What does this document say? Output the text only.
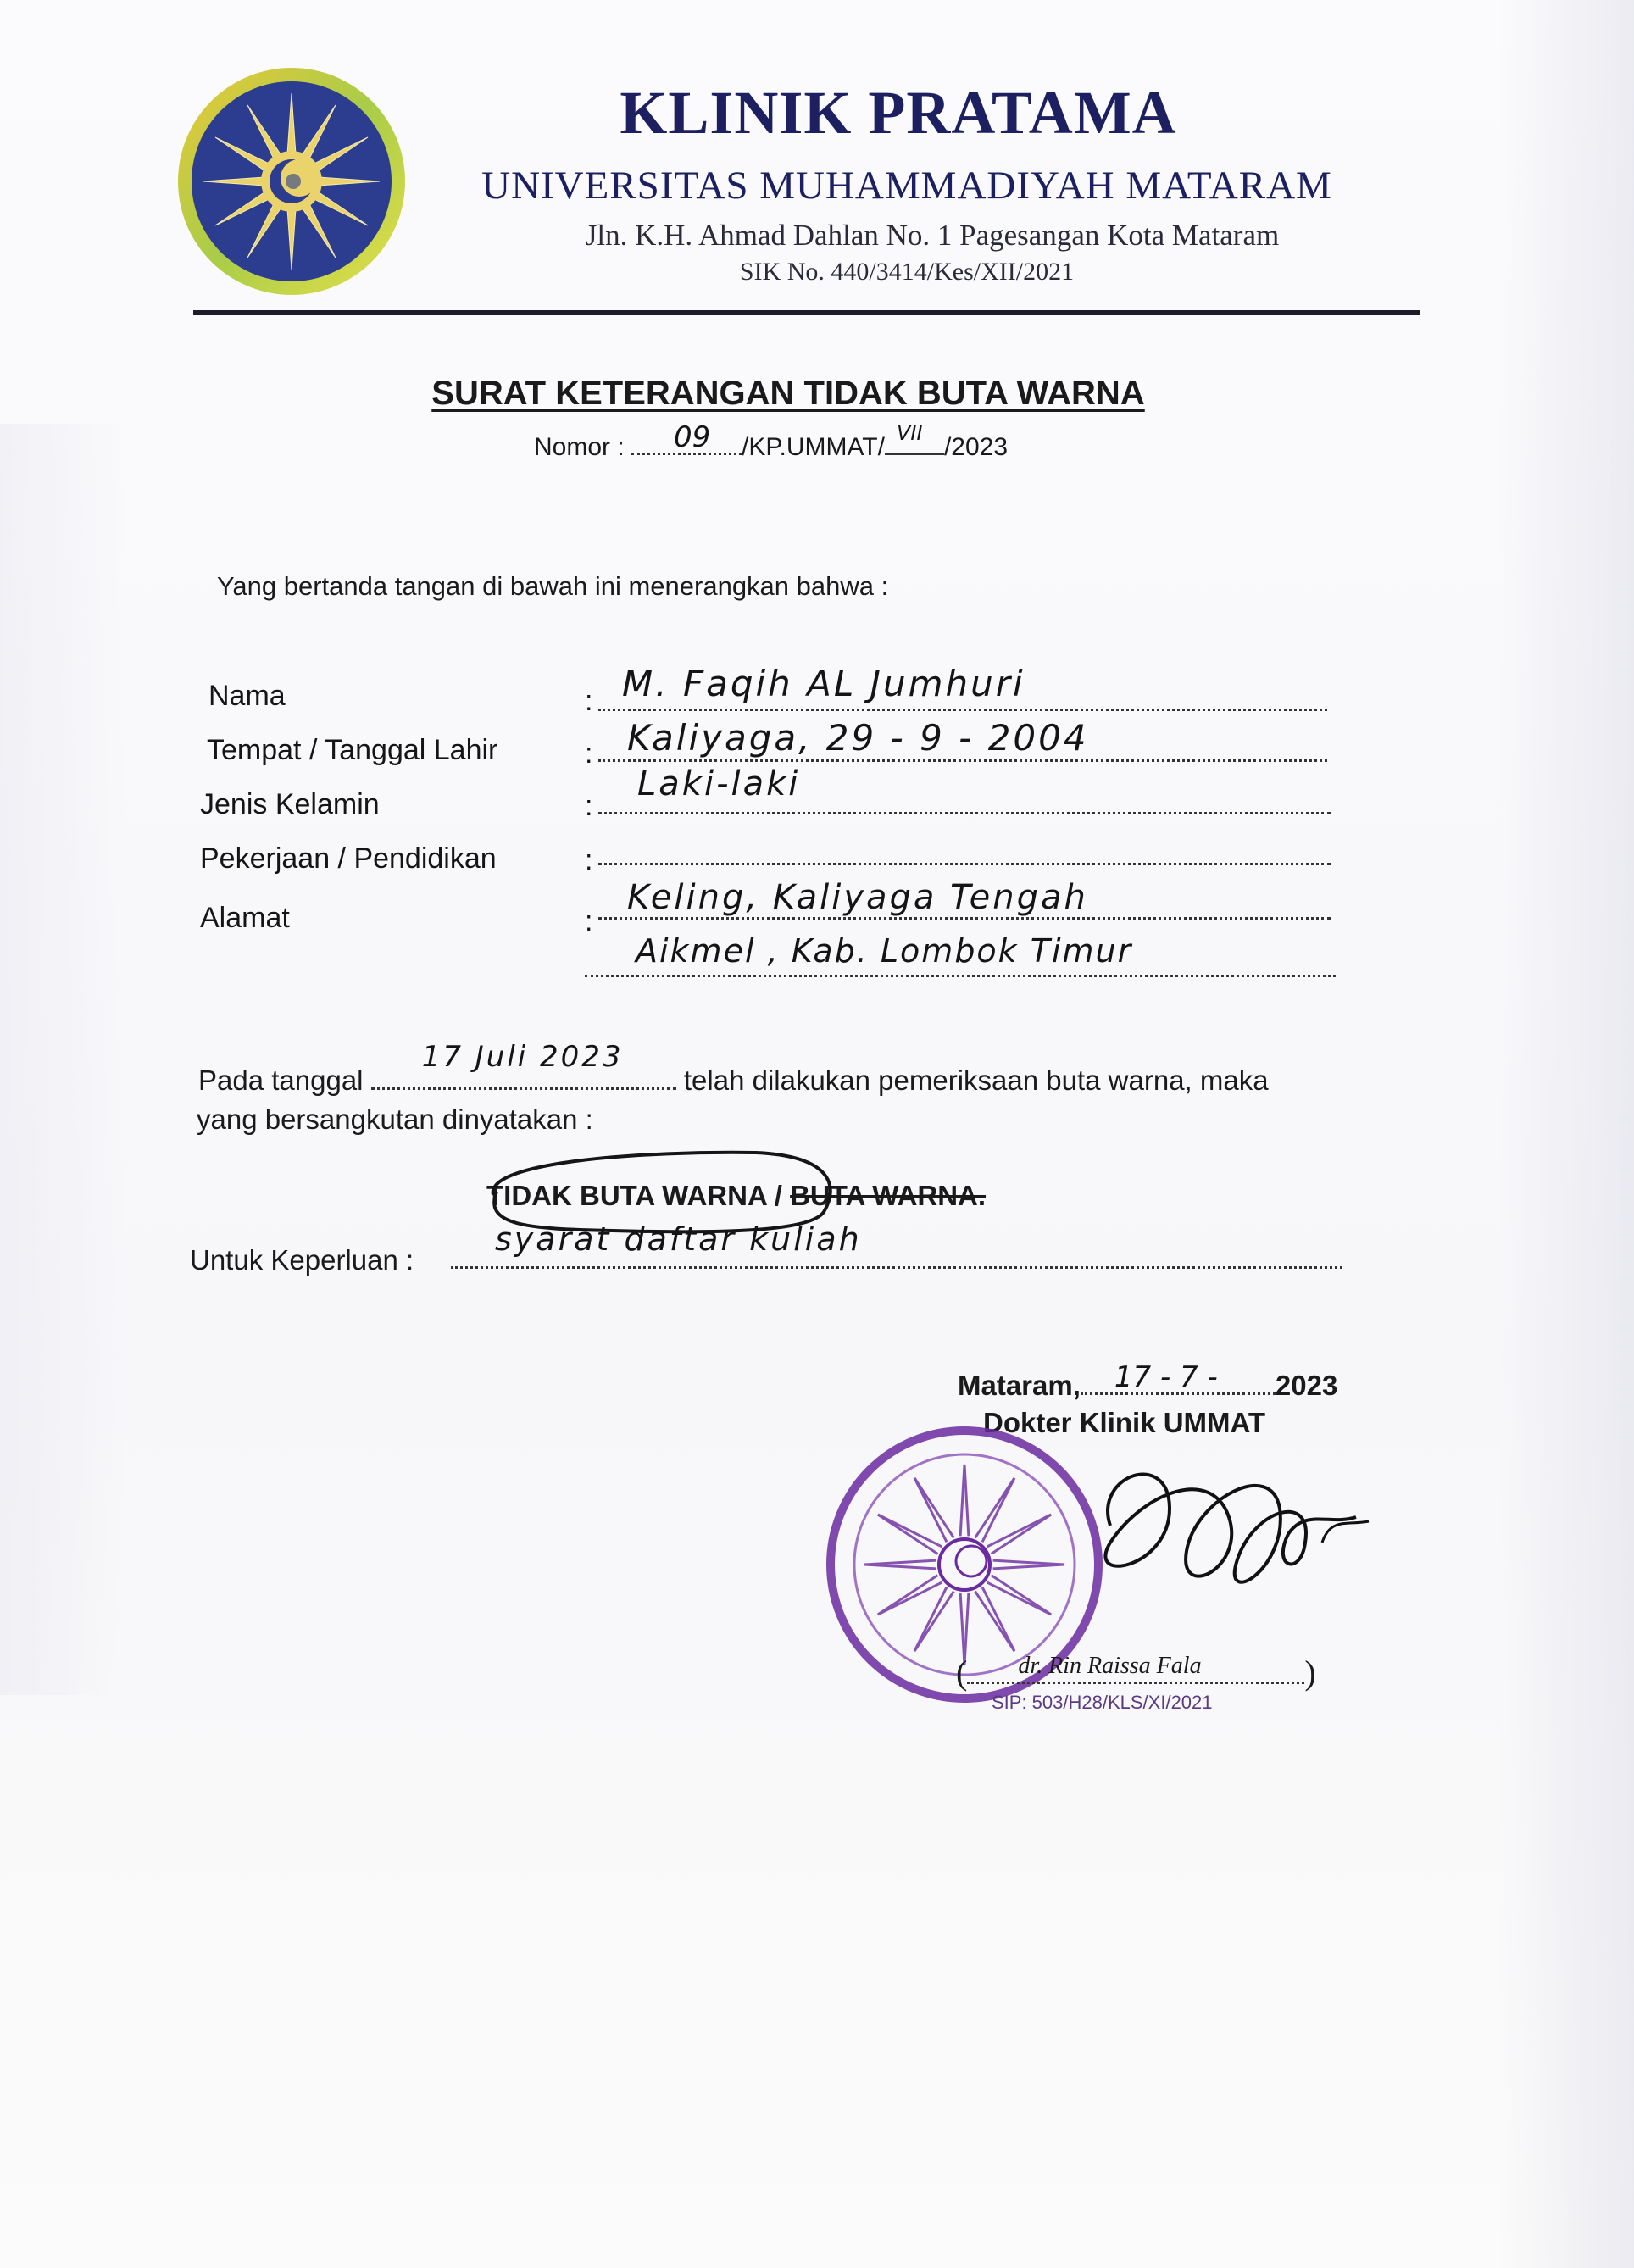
KLINIK PRATAMA
UNIVERSITAS MUHAMMADIYAH MATARAM
Jln. K.H. Ahmad Dahlan No. 1 Pagesangan Kota Mataram
SIK No. 440/3414/Kes/XII/2021
SURAT KETERANGAN TIDAK BUTA WARNA
Nomor : 09 /KP.UMMAT/ VII /2023
Yang bertanda tangan di bawah ini menerangkan bahwa :
Nama
Tempat / Tanggal Lahir
Jenis Kelamin
Pekerjaan / Pendidikan
Alamat
:
:
:
:
:
M. Faqih AL Jumhuri
Kaliyaga, 29 - 9 - 2004
Laki-laki
Keling, Kaliyaga Tengah
Aikmel , Kab. Lombok Timur
Pada tanggal
17 Juli 2023
telah dilakukan pemeriksaan buta warna, maka
yang bersangkutan dinyatakan :
TIDAK BUTA WARNA / BUTA WARNA.
Untuk Keperluan :
syarat daftar kuliah
Mataram, 17 - 7 - 2023
Dokter Klinik UMMAT
( dr. Rin Raissa Fala	)
SIP: 503/H28/KLS/XI/2021
